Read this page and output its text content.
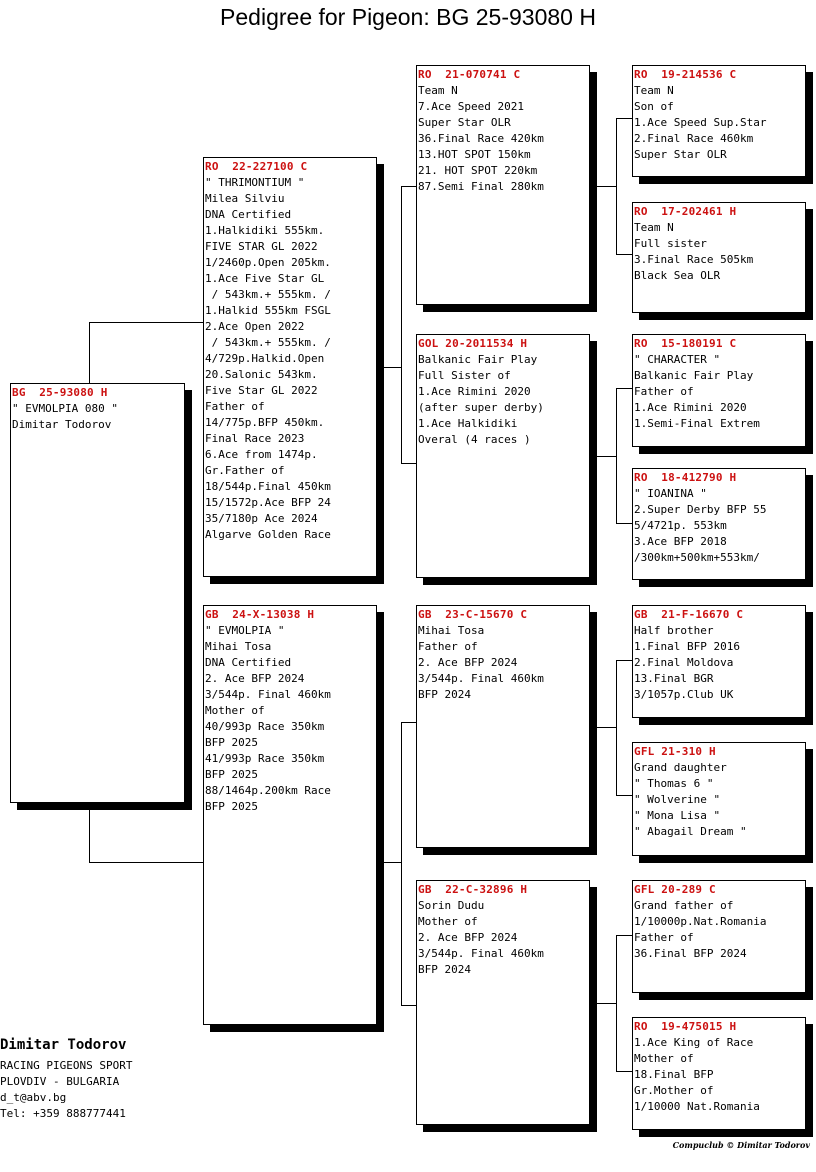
Pedigree for Pigeon: BG 25-93080 H
BG  25-93080 H
" EVMOLPIA 080 "
Dimitar Todorov
RO  22-227100 C
" THRIMONTIUM "
Milea Silviu
DNA Certified
1.Halkidiki 555km.
FIVE STAR GL 2022
1/2460p.Open 205km.
1.Ace Five Star GL
/ 543km.+ 555km. /
1.Halkid 555km FSGL
2.Ace Open 2022
/ 543km.+ 555km. /
4/729p.Halkid.Open
20.Salonic 543km.
Five Star GL 2022
Father of
14/775p.BFP 450km.
Final Race 2023
6.Ace from 1474p.
Gr.Father of
18/544p.Final 450km
15/1572p.Ace BFP 24
35/7180p Ace 2024
Algarve Golden Race
GB  24-X-13038 H
" EVMOLPIA "
Mihai Tosa
DNA Certified
2. Ace BFP 2024
3/544p. Final 460km
Mother of
40/993p Race 350km
BFP 2025
41/993p Race 350km
BFP 2025
88/1464p.200km Race
BFP 2025
RO  21-070741 C
Team N
7.Ace Speed 2021
Super Star OLR
36.Final Race 420km
13.HOT SPOT 150km
21. HOT SPOT 220km
87.Semi Final 280km
GOL 20-2011534 H
Balkanic Fair Play
Full Sister of
1.Ace Rimini 2020
(after super derby)
1.Ace Halkidiki
Overal (4 races )
GB  23-C-15670 C
Mihai Tosa
Father of
2. Ace BFP 2024
3/544p. Final 460km
BFP 2024
GB  22-C-32896 H
Sorin Dudu
Mother of
2. Ace BFP 2024
3/544p. Final 460km
BFP 2024
RO  19-214536 C
Team N
Son of
1.Ace Speed Sup.Star
2.Final Race 460km
Super Star OLR
RO  17-202461 H
Team N
Full sister
3.Final Race 505km
Black Sea OLR
RO  15-180191 C
" CHARACTER "
Balkanic Fair Play
Father of
1.Ace Rimini 2020
1.Semi-Final Extrem
RO  18-412790 H
" IOANINA "
2.Super Derby BFP 55
5/4721p. 553km
3.Ace BFP 2018
/300km+500km+553km/
GB  21-F-16670 C
Half brother
1.Final BFP 2016
2.Final Moldova
13.Final BGR
3/1057p.Club UK
GFL 21-310 H
Grand daughter
" Thomas 6 "
" Wolverine "
" Mona Lisa "
" Abagail Dream "
GFL 20-289 C
Grand father of
1/10000p.Nat.Romania
Father of
36.Final BFP 2024
RO  19-475015 H
1.Ace King of Race
Mother of
18.Final BFP
Gr.Mother of
1/10000 Nat.Romania
Dimitar Todorov
RACING PIGEONS SPORT
PLOVDIV - BULGARIA
d_t@abv.bg
Tel: +359 888777441
Compuclub © Dimitar Todorov
